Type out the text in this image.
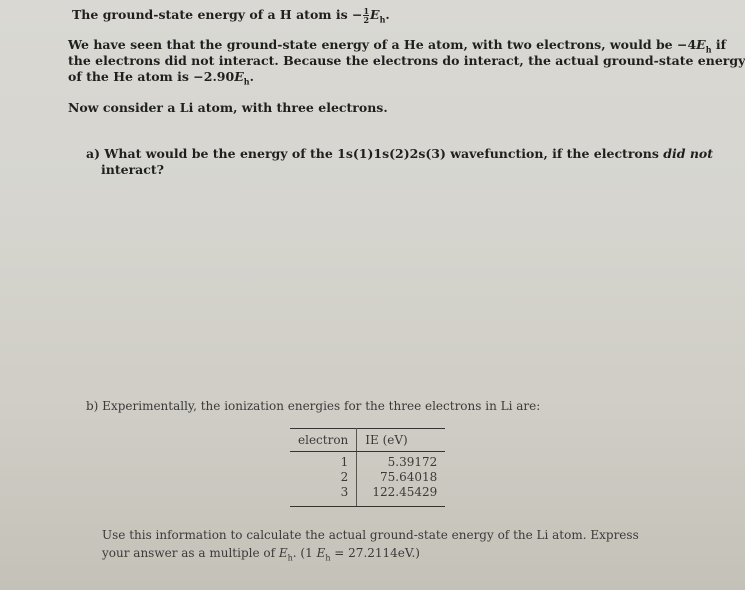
The ground-state energy of a H atom is − $\frac{1}{2} E_h$.
We have seen that the ground-state energy of a He atom, with two electrons, would be $-4E_h$ if
the electrons did not interact. Because the electrons do interact, the actual ground-state energy
of the He atom is $-2.90E_h$.
Now consider a Li atom, with three electrons.
a) What would be the energy of the 1s(1)1s(2)2s(3) wavefunction, if the electrons did not
interact?
b) Experimentally, the ionization energies for the three electrons in Li are:
electron	IE (eV)
1	5.39172
2	75.64018
3	122.45429
Use this information to calculate the actual ground-state energy of the Li atom. Express
your answer as a multiple of $E_h$. (1 $E_h = 27.2114eV$.)
